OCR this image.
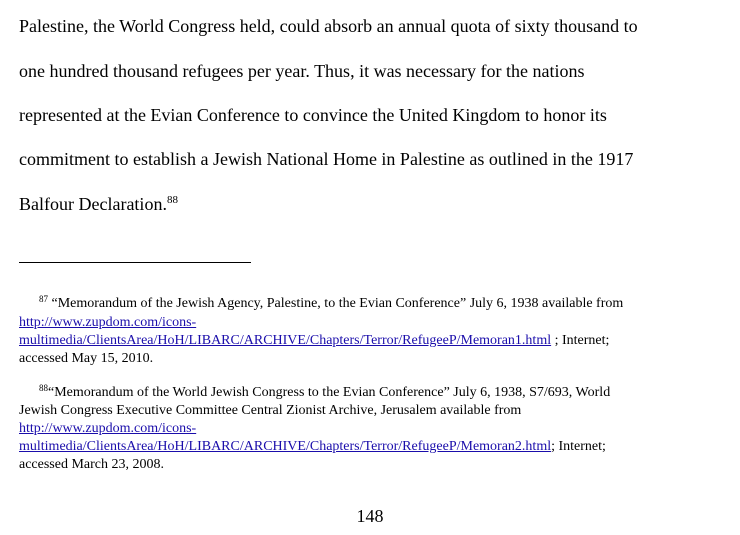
Palestine, the World Congress held, could absorb an annual quota of sixty thousand to
one hundred thousand refugees per year. Thus, it was necessary for the nations
represented at the Evian Conference to convince the United Kingdom to honor its
commitment to establish a Jewish National Home in Palestine as outlined in the 1917
Balfour Declaration.$^{88}$
$^{87}$ “Memorandum of the Jewish Agency, Palestine, to the Evian Conference” July 6, 1938 available from
http://www.zupdom.com/icons-
multimedia/ClientsArea/HoH/LIBARC/ARCHIVE/Chapters/Terror/RefugeeP/Memoran1.html ; Internet;
accessed May 15, 2010.
$^{88}$“Memorandum of the World Jewish Congress to the Evian Conference” July 6, 1938, S7/693, World
Jewish Congress Executive Committee Central Zionist Archive, Jerusalem available from
http://www.zupdom.com/icons-
multimedia/ClientsArea/HoH/LIBARC/ARCHIVE/Chapters/Terror/RefugeeP/Memoran2.html; Internet;
accessed March 23, 2008.
148
